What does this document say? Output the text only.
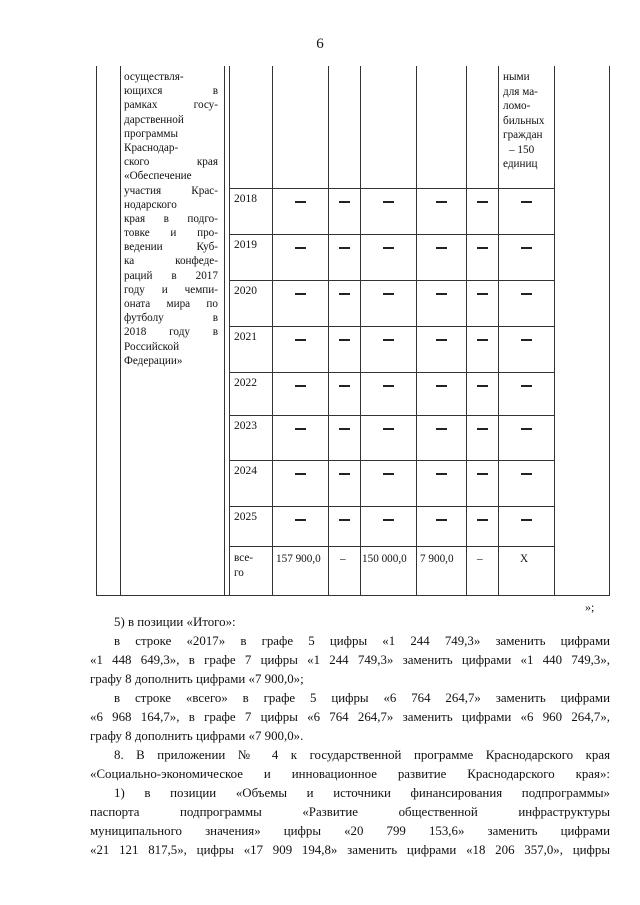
6
осуществля-
ющихся в
рамках госу-
дарственной
программы
Краснодар-
ского края
«Обеспечение
участия Крас-
нодарского
края в подго-
товке и про-
ведении Куб-
ка конфеде-
раций в 2017
году и чемпи-
оната мира по
футболу в
2018 году в
Российской
Федерации»
ными
для ма-
ломо-
бильных
граждан
– 150
единиц
2018
2019
2020
2021
2022
2023
2024
2025
все-
го
157 900,0 – 150 000,0 7 900,0 –	X
»;
5) в позиции «Итого»:
в строке «2017» в графе 5 цифры «1 244 749,3» заменить цифрами
«1 448 649,3», в графе 7 цифры «1 244 749,3» заменить цифрами «1 440 749,3»,
графу 8 дополнить цифрами «7 900,0»;
в строке «всего» в графе 5 цифры «6 764 264,7» заменить цифрами
«6 968 164,7», в графе 7 цифры «6 764 264,7» заменить цифрами «6 960 264,7»,
графу 8 дополнить цифрами «7 900,0».
8. В приложении № 4 к государственной программе Краснодарского края
«Социально-экономическое и инновационное развитие Краснодарского края»:
1) в позиции «Объемы и источники финансирования подпрограммы»
паспорта подпрограммы «Развитие общественной инфраструктуры
муниципального значения» цифры «20 799 153,6» заменить цифрами
«21 121 817,5», цифры «17 909 194,8» заменить цифрами «18 206 357,0», цифры
